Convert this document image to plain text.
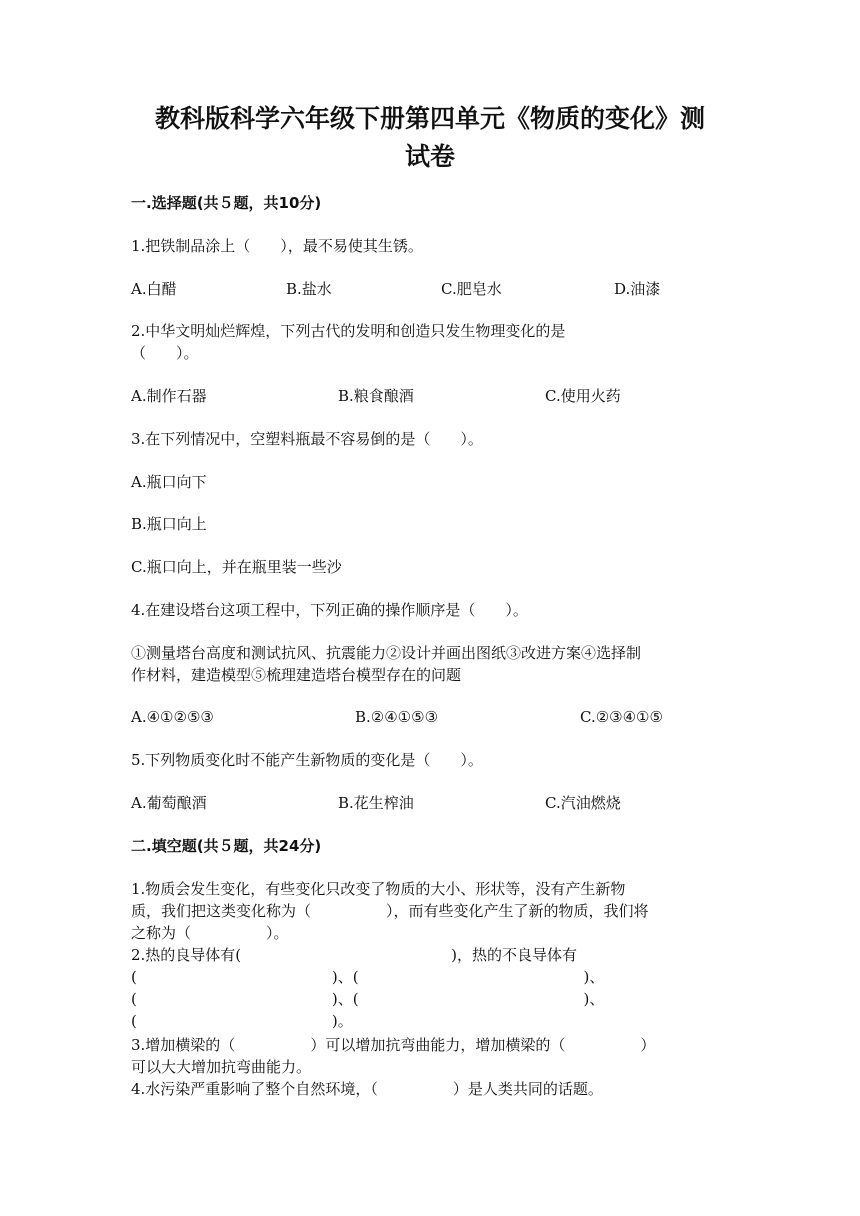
教科版科学六年级下册第四单元《物质的变化》测
试卷
一.选择题(共５题，共10分)
1.把铁制品涂上（　　），最不易使其生锈。
A.白醋	B.盐水	C.肥皂水	D.油漆
2.中华文明灿烂辉煌，下列古代的发明和创造只发生物理变化的是
（　　）。
A.制作石器	B.粮食酿酒	C.使用火药
3.在下列情况中，空塑料瓶最不容易倒的是（　　）。
A.瓶口向下
B.瓶口向上
C.瓶口向上，并在瓶里装一些沙
4.在建设塔台这项工程中，下列正确的操作顺序是（　　）。
①测量塔台高度和测试抗风、抗震能力②设计并画出图纸③改进方案④选择制
作材料，建造模型⑤梳理建造塔台模型存在的问题
A.④①②⑤③	B.②④①⑤③	C.②③④①⑤
5.下列物质变化时不能产生新物质的变化是（　　）。
A.葡萄酿酒	B.花生榨油	C.汽油燃烧
二.填空题(共５题，共24分)
1.物质会发生变化，有些变化只改变了物质的大小、形状等，没有产生新物
质，我们把这类变化称为（　　　　　），而有些变化产生了新的物质，我们将
之称为（　　　　　）。
2.热的良导体有(　　　　　　　　　　　　　　)，热的不良导体有
(　　　　　　　　　　　　　)、(　　　　　　　　　　　　　　　)、
(　　　　　　　　　　　　　)、(　　　　　　　　　　　　　　　)、
(　　　　　　　　　　　　　)。
3.增加横梁的（　　　　　）可以增加抗弯曲能力，增加横梁的（　　　　　）
可以大大增加抗弯曲能力。
4.水污染严重影响了整个自然环境，（　　　　　）是人类共同的话题。
